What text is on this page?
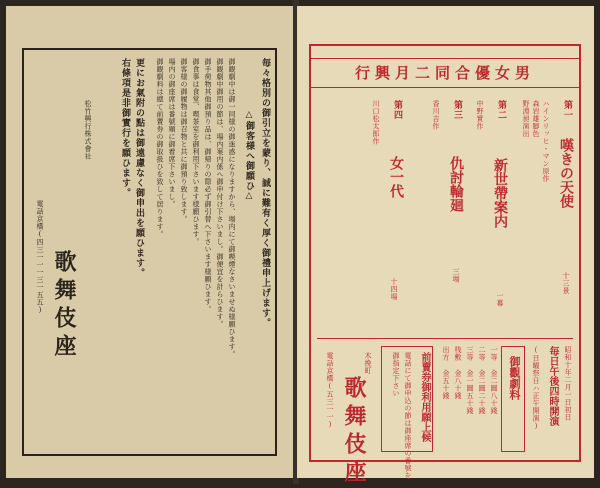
毎々格別の御引立を蒙り、誠に難有く厚く御禮申上げます。
△御客様へ御願ひ△
御観劇中は御一同様の御迷惑になりますから、場内にて御喫煙なさいませぬ様願ひます。
御観劇中御用の節は、場内案内係へ御申付け下さいまし。御便宜を計らひます。
御手荷物其他御預り品は、御帰りの際必ず御引替へ下さいます様願ひます。
御食事は食堂、喫茶室を御利用下さいます様願ひます。
御客様の御履物は御召物と共に御預り致します。
場内の御座席は番號順に御着席下さいまし。
御観劇料は總て前賣券の御取扱ひを致して居ります。
更にお氣附の點は御遠慮なく御申出を願ひます。
右條項是非御實行を願ひます。
松竹興行株式會社
歌舞伎座
電話京橋(四三一一一三一五五)
男女優合同二月興行
第一
嘆きの天使
十三景
ハインリッヒ・マン原作
森岩雄脚色
野淵昶演出
第二
新世帶案内
一幕
中野實作
第三
仇討輪廻
三場
香川吉作
第四
女一代
十四場
川口松太郎作
昭和十年二月一日初日
毎日午後四時開演
(日曜祭日ハ正午開演)
御觀劇料
一等 金二圓八十錢
二等 金二圓二十錢
三等 金一圓五十錢
桟敷 金八十錢
出方 金五十錢
前賣券御利用願上候
電話にて御申込の節は御座席の番號を
御指定下さい
木挽町
歌舞伎座
電話京橋(五三一一)
